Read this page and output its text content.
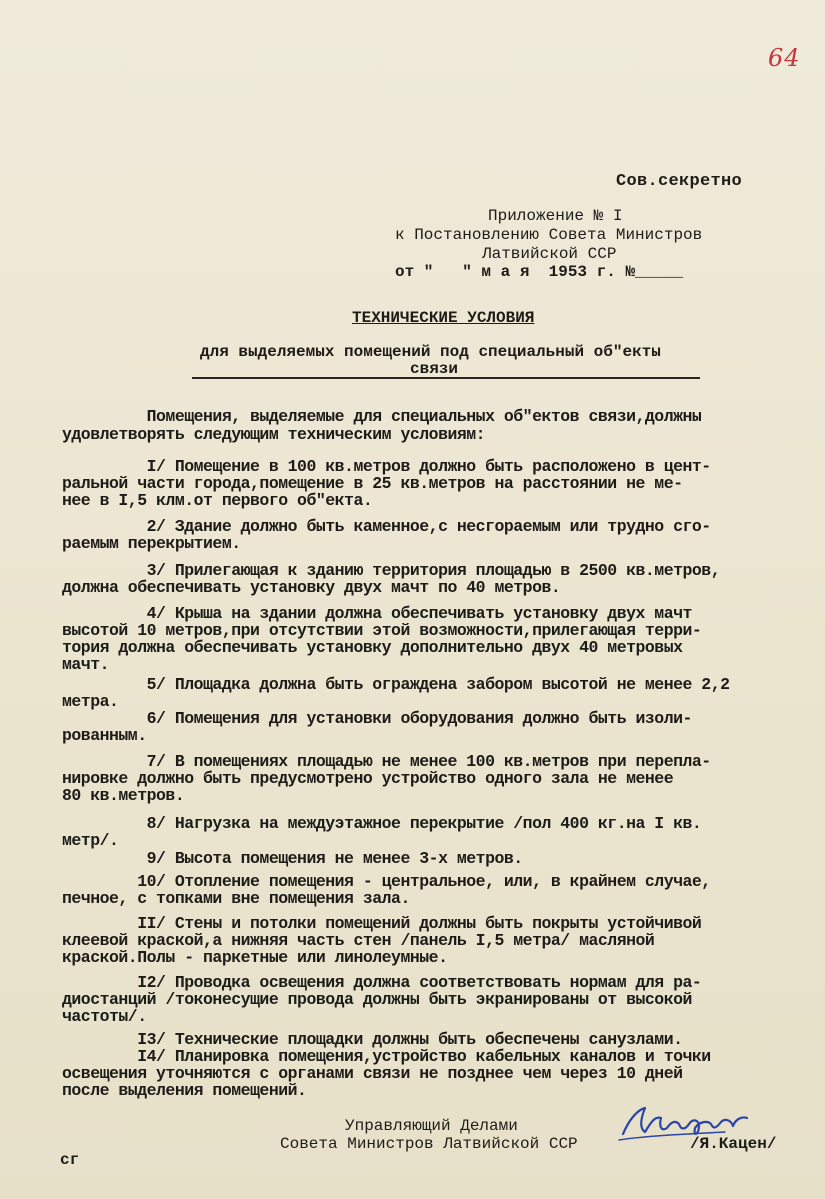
64
Сов.секретно
Приложение № I
к Постановлению Совета Министров
Латвийской ССР
от "   " м а я  1953 г. №_____
ТЕХНИЧЕСКИЕ УСЛОВИЯ
для выделяемых помещений под специальный об"екты
связи
Помещения, выделяемые для специальных об"ектов связи,должны
удовлетворять следующим техническим условиям:
I/ Помещение в 100 кв.метров должно быть расположено в цент-
ральной части города,помещение в 25 кв.метров на расстоянии не ме-
нее в I,5 клм.от первого об"екта.
2/ Здание должно быть каменное,с несгораемым или трудно сго-
раемым перекрытием.
3/ Прилегающая к зданию территория площадью в 2500 кв.метров,
должна обеспечивать установку двух мачт по 40 метров.
4/ Крыша на здании должна обеспечивать установку двух мачт
высотой 10 метров,при отсутствии этой возможности,прилегающая терри-
тория должна обеспечивать установку дополнительно двух 40 метровых
мачт.
5/ Площадка должна быть ограждена забором высотой не менее 2,2
метра.
6/ Помещения для установки оборудования должно быть изоли-
рованным.
7/ В помещениях площадью не менее 100 кв.метров при перепла-
нировке должно быть предусмотрено устройство одного зала не менее
80 кв.метров.
8/ Нагрузка на междуэтажное перекрытие /пол 400 кг.на I кв.
метр/.
9/ Высота помещения не менее 3-х метров.
10/ Отопление помещения - центральное, или, в крайнем случае,
печное, с топками вне помещения зала.
II/ Стены и потолки помещений должны быть покрыты устойчивой
клеевой краской,а нижняя часть стен /панель I,5 метра/ масляной
краской.Полы - паркетные или линолеумные.
I2/ Проводка освещения должна соответствовать нормам для ра-
диостанций /токонесущие провода должны быть экранированы от высокой
частоты/.
I3/ Технические площадки должны быть обеспечены санузлами.
I4/ Планировка помещения,устройство кабельных каналов и точки
освещения уточняются с органами связи не позднее чем через 10 дней
после выделения помещений.
Управляющий Делами
Совета Министров Латвийской ССР	/Я.Кацен/
сг
